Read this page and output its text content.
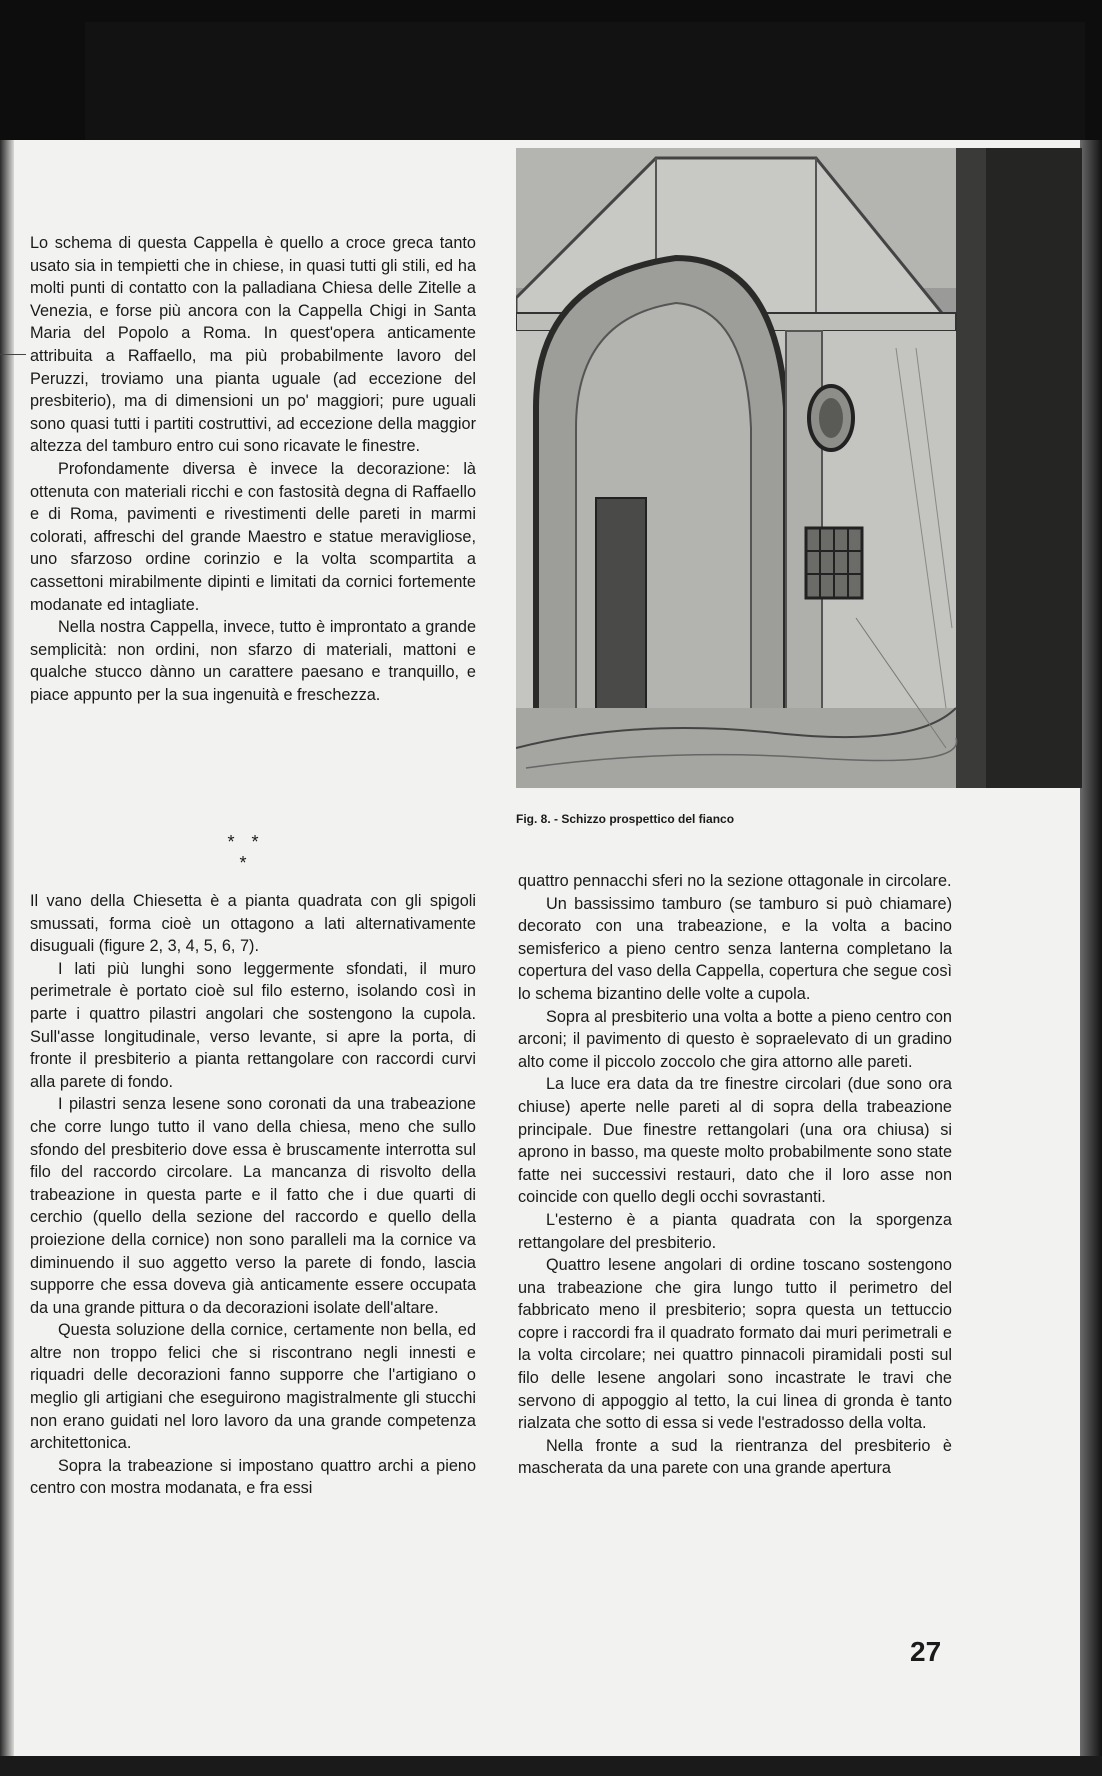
Lo schema di questa Cappella è quello a croce greca tanto usato sia in tempietti che in chiese, in quasi tutti gli stili, ed ha molti punti di contatto con la palladiana Chiesa delle Zitelle a Venezia, e forse più ancora con la Cappella Chigi in Santa Maria del Popolo a Roma. In quest'opera anticamente attribuita a Raffaello, ma più probabilmente lavoro del Peruzzi, troviamo una pianta uguale (ad eccezione del presbiterio), ma di dimensioni un po' maggiori; pure uguali sono quasi tutti i partiti costruttivi, ad eccezione della maggior altezza del tamburo entro cui sono ricavate le finestre.

Profondamente diversa è invece la decorazione: là ottenuta con materiali ricchi e con fastosità degna di Raffaello e di Roma, pavimenti e rivestimenti delle pareti in marmi colorati, affreschi del grande Maestro e statue meravigliose, uno sfarzoso ordine corinzio e la volta scompartita a cassettoni mirabilmente dipinti e limitati da cornici fortemente modanate ed intagliate.

Nella nostra Cappella, invece, tutto è improntato a grande semplicità: non ordini, non sfarzo di materiali, mattoni e qualche stucco dànno un carattere paesano e tranquillo, e piace appunto per la sua ingenuità e freschezza.

* * *

Il vano della Chiesetta è a pianta quadrata con gli spigoli smussati, forma cioè un ottagono a lati alternativamente disuguali (figure 2, 3, 4, 5, 6, 7).

I lati più lunghi sono leggermente sfondati, il muro perimetrale è portato cioè sul filo esterno, isolando così in parte i quattro pilastri angolari che sostengono la cupola. Sull'asse longitudinale, verso levante, si apre la porta, di fronte il presbiterio a pianta rettangolare con raccordi curvi alla parete di fondo.

I pilastri senza lesene sono coronati da una trabeazione che corre lungo tutto il vano della chiesa, meno che sullo sfondo del presbiterio dove essa è bruscamente interrotta sul filo del raccordo circolare. La mancanza di risvolto della trabeazione in questa parte e il fatto che i due quarti di cerchio (quello della sezione del raccordo e quello della proiezione della cornice) non sono paralleli ma la cornice va diminuendo il suo aggetto verso la parete di fondo, lascia supporre che essa doveva già anticamente essere occupata da una grande pittura o da decorazioni isolate dell'altare.

Questa soluzione della cornice, certamente non bella, ed altre non troppo felici che si riscontrano negli innesti e riquadri delle decorazioni fanno supporre che l'artigiano o meglio gli artigiani che eseguirono magistralmente gli stucchi non erano guidati nel loro lavoro da una grande competenza architettonica.

Sopra la trabeazione si impostano quattro archi a pieno centro con mostra modanata, e fra essi

Fig. 8. - Schizzo prospettico del fianco

quattro pennacchi sferi no la sezione ottagonale in circolare.

Un bassissimo tamburo (se tamburo si può chiamare) decorato con una trabeazione, e la volta a bacino semisferico a pieno centro senza lanterna completano la copertura del vaso della Cappella, copertura che segue così lo schema bizantino delle volte a cupola.

Sopra al presbiterio una volta a botte a pieno centro con arconi; il pavimento di questo è sopraelevato di un gradino alto come il piccolo zoccolo che gira attorno alle pareti.

La luce era data da tre finestre circolari (due sono ora chiuse) aperte nelle pareti al di sopra della trabeazione principale. Due finestre rettangolari (una ora chiusa) si aprono in basso, ma queste molto probabilmente sono state fatte nei successivi restauri, dato che il loro asse non coincide con quello degli occhi sovrastanti.

L'esterno è a pianta quadrata con la sporgenza rettangolare del presbiterio.

Quattro lesene angolari di ordine toscano sostengono una trabeazione che gira lungo tutto il perimetro del fabbricato meno il presbiterio; sopra questa un tettuccio copre i raccordi fra il quadrato formato dai muri perimetrali e la volta circolare; nei quattro pinnacoli piramidali posti sul filo delle lesene angolari sono incastrate le travi che servono di appoggio al tetto, la cui linea di gronda è tanto rialzata che sotto di essa si vede l'estradosso della volta.

Nella fronte a sud la rientranza del presbiterio è mascherata da una parete con una grande apertura

27
